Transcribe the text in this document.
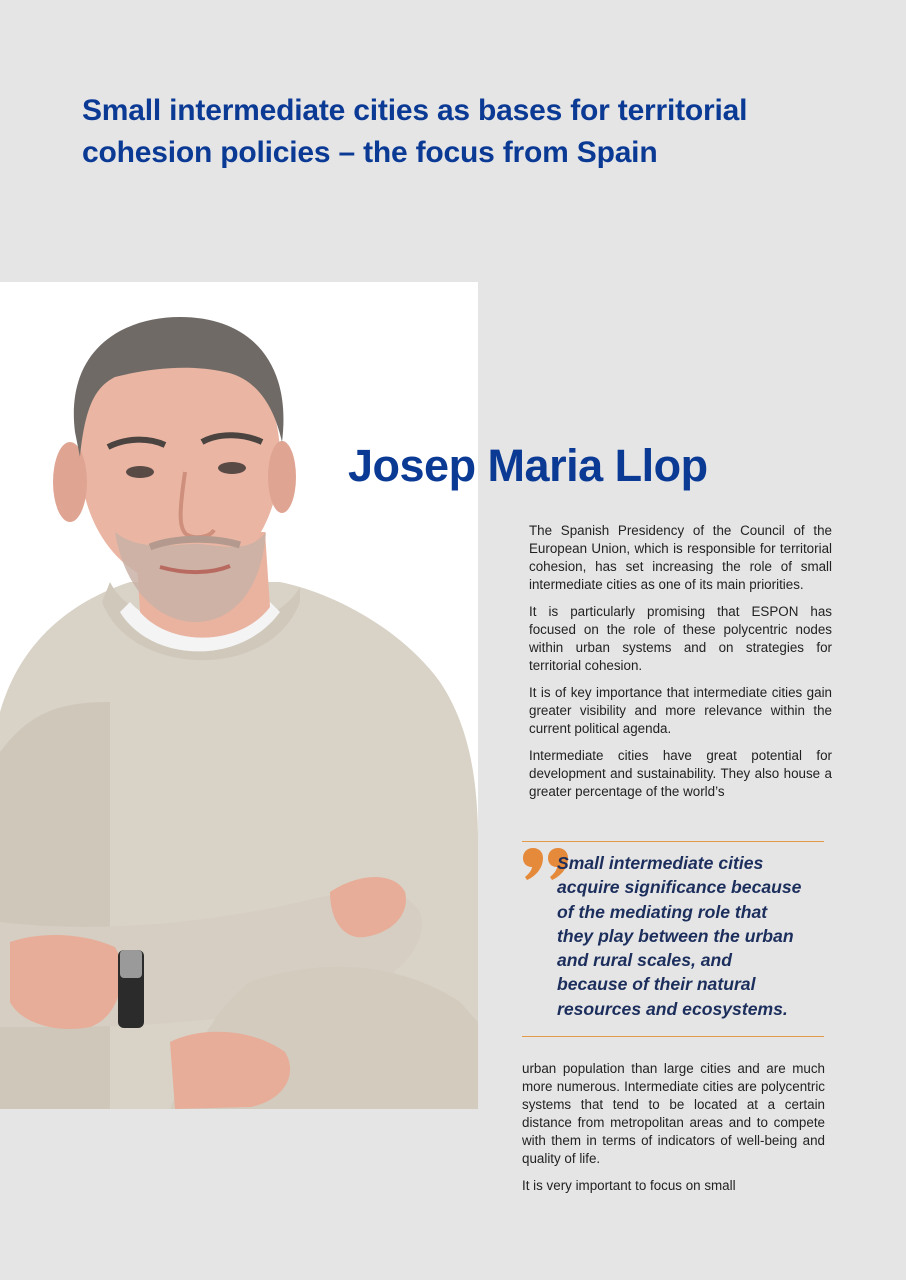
Small intermediate cities as bases for territorial
cohesion policies – the focus from Spain
Josep Maria Llop

The Spanish Presidency of the Council of the European Union, which is responsible for territorial cohesion, has set increasing the role of small intermediate cities as one of its main priorities.

It is particularly promising that ESPON has focused on the role of these polycentric nodes within urban systems and on strategies for territorial cohesion.

It is of key importance that intermediate cities gain greater visibility and more relevance within the current political agenda.

Intermediate cities have great potential for development and sustainability. They also house a greater percentage of the world’s

Small intermediate cities
acquire significance because
of the mediating role that
they play between the urban
and rural scales, and
because of their natural
resources and ecosystems.

urban population than large cities and are much more numerous. Intermediate cities are polycentric systems that tend to be located at a certain distance from metropolitan areas and to compete with them in terms of indicators of well-being and quality of life.

It is very important to focus on small
